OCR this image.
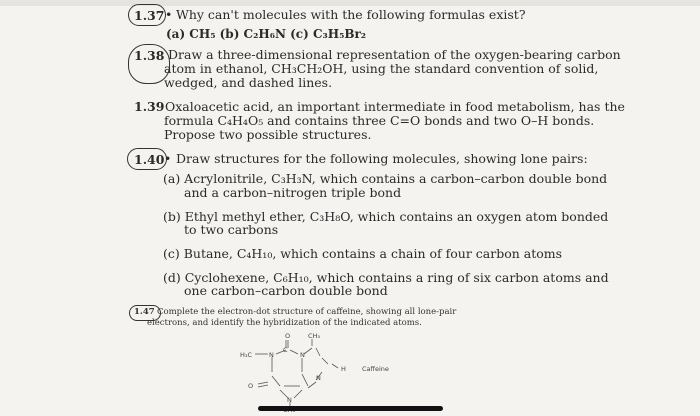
1.37 • Why can't molecules with the following formulas exist?
(a) CH₅ (b) C₂H₆N (c) C₃H₅Br₂
1.38 Draw a three-dimensional representation of the oxygen-bearing carbon
atom in ethanol, CH₃CH₂OH, using the standard convention of solid,
wedged, and dashed lines.
1.39 Oxaloacetic acid, an important intermediate in food metabolism, has the
formula C₄H₄O₅ and contains three C=O bonds and two O–H bonds.
Propose two possible structures.
1.40 • Draw structures for the following molecules, showing lone pairs:
(a) Acrylonitrile, C₃H₃N, which contains a carbon–carbon double bond
and a carbon–nitrogen triple bond
(b) Ethyl methyl ether, C₃H₈O, which contains an oxygen atom bonded
to two carbons
(c) Butane, C₄H₁₀, which contains a chain of four carbon atoms
(d) Cyclohexene, C₆H₁₀, which contains a ring of six carbon atoms and
one carbon–carbon double bond
1.47 Complete the electron-dot structure of caffeine, showing all lone-pair
electrons, and identify the hybridization of the indicated atoms.
O	CH₃
H₃C	N
C
N
H
O
N
N
Caffeine
